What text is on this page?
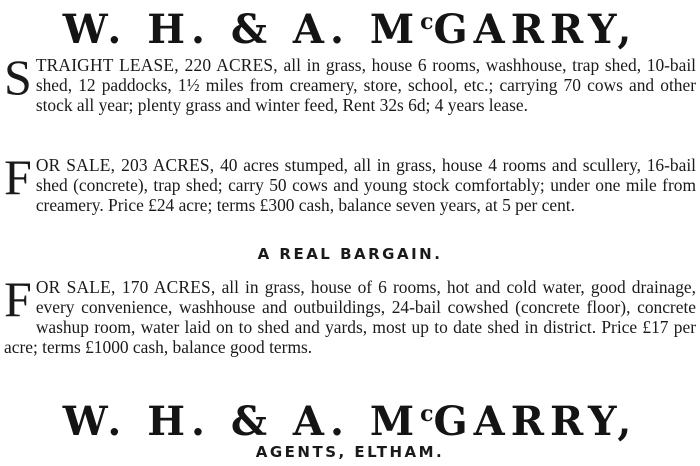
W. H. & A. $M^cGARRY$,
STRAIGHT LEASE, 220 ACRES, all in grass, house 6 rooms, washhouse, trap shed, 10-bail shed, 12 paddocks, 1½ miles from creamery, store, school, etc.; carrying 70 cows and other stock all year; plenty grass and winter feed, Rent 32s 6d; 4 years lease.
FOR SALE, 203 ACRES, 40 acres stumped, all in grass, house 4 rooms and scullery, 16-bail shed (concrete), trap shed; carry 50 cows and young stock comfortably; under one mile from creamery. Price £24 acre; terms £300 cash, balance seven years, at 5 per cent.
A REAL BARGAIN.
FOR SALE, 170 ACRES, all in grass, house of 6 rooms, hot and cold water, good drainage, every convenience, washhouse and outbuildings, 24-bail cowshed (concrete floor), concrete washup room, water laid on to shed and yards, most up to date shed in district. Price £17 per acre; terms £1000 cash, balance good terms.
W. H. & A. $M^cGARRY$,
AGENTS, ELTHAM.
